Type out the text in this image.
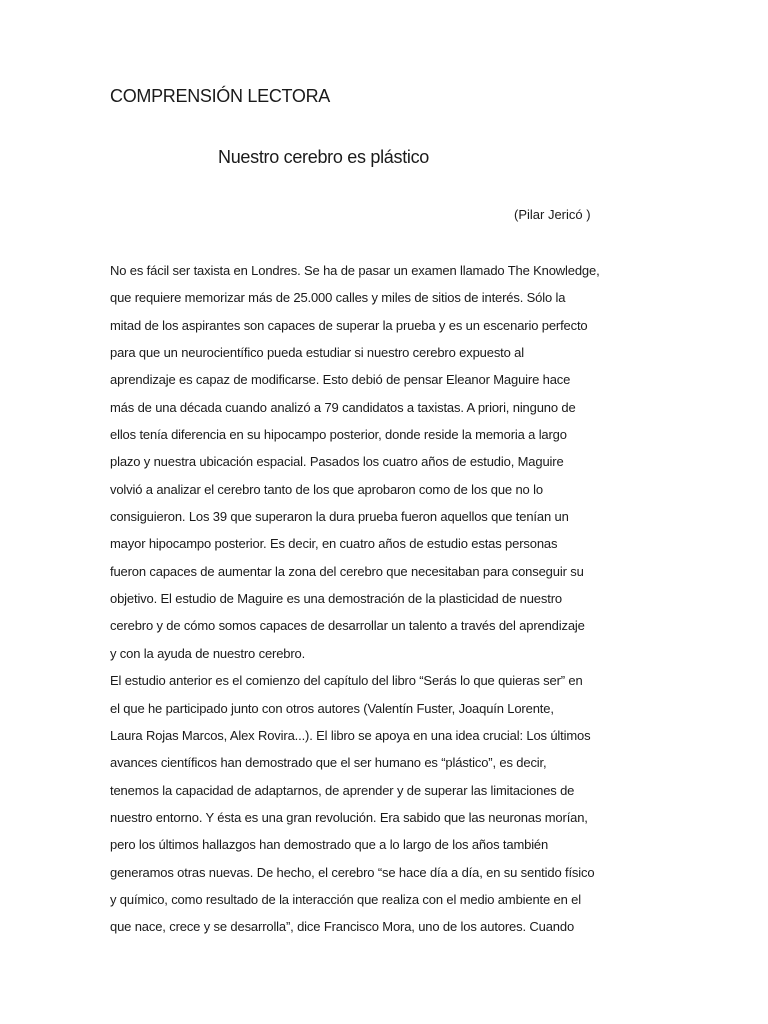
COMPRENSIÓN LECTORA
Nuestro cerebro es plástico
(Pilar Jericó )
No es fácil ser taxista en Londres. Se ha de pasar un examen llamado The Knowledge,
que requiere memorizar más de 25.000 calles y miles de sitios de interés. Sólo la
mitad de los aspirantes son capaces de superar la prueba y es un escenario perfecto
para que un neurocientífico pueda estudiar si nuestro cerebro expuesto al
aprendizaje es capaz de modificarse. Esto debió de pensar Eleanor Maguire hace
más de una década cuando analizó a 79 candidatos a taxistas. A priori, ninguno de
ellos tenía diferencia en su hipocampo posterior, donde reside la memoria a largo
plazo y nuestra ubicación espacial. Pasados los cuatro años de estudio, Maguire
volvió a analizar el cerebro tanto de los que aprobaron como de los que no lo
consiguieron. Los 39 que superaron la dura prueba fueron aquellos que tenían un
mayor hipocampo posterior. Es decir, en cuatro años de estudio estas personas
fueron capaces de aumentar la zona del cerebro que necesitaban para conseguir su
objetivo. El estudio de Maguire es una demostración de la plasticidad de nuestro
cerebro y de cómo somos capaces de desarrollar un talento a través del aprendizaje
y con la ayuda de nuestro cerebro.
El estudio anterior es el comienzo del capítulo del libro “Serás lo que quieras ser” en
el que he participado junto con otros autores (Valentín Fuster, Joaquín Lorente,
Laura Rojas Marcos, Alex Rovira...). El libro se apoya en una idea crucial: Los últimos
avances científicos han demostrado que el ser humano es “plástico”, es decir,
tenemos la capacidad de adaptarnos, de aprender y de superar las limitaciones de
nuestro entorno. Y ésta es una gran revolución. Era sabido que las neuronas morían,
pero los últimos hallazgos han demostrado que a lo largo de los años también
generamos otras nuevas. De hecho, el cerebro “se hace día a día, en su sentido físico
y químico, como resultado de la interacción que realiza con el medio ambiente en el
que nace, crece y se desarrolla”, dice Francisco Mora, uno de los autores. Cuando
